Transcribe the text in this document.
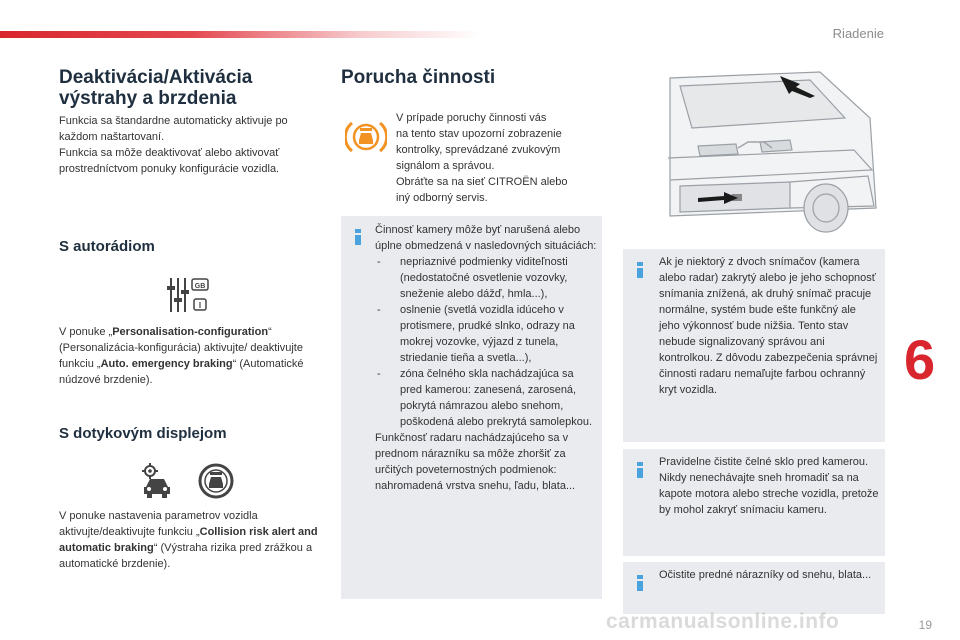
Riadenie
Deaktivácia/Aktivácia
výstrahy a brzdenia

Funkcia sa štandardne automaticky aktivuje po
každom naštartovaní.
Funkcia sa môže deaktivovať alebo aktivovať
prostredníctvom ponuky konfigurácie vozidla.

S autorádiom
GB
I

V ponuke „Personalisation-configuration“ (Personalizácia-konfigurácia) aktivujte/ deaktivujte funkciu „Auto. emergency braking“ (Automatické núdzové brzdenie).

S dotykovým displejom

V ponuke nastavenia parametrov vozidla aktivujte/deaktivujte funkciu „Collision risk alert and automatic braking“ (Výstraha rizika pred zrážkou a automatické brzdenie).

Porucha činnosti

V prípade poruchy činnosti vás
na tento stav upozorní zobrazenie
kontrolky, sprevádzané zvukovým
signálom a správou.
Obráťte sa na sieť CITROËN alebo
iný odborný servis.

Činnosť kamery môže byť narušená alebo úplne obmedzená v nasledovných situáciách:
- nepriaznivé podmienky viditeľnosti (nedostatočné osvetlenie vozovky, sneženie alebo dážď, hmla...),
- oslnenie (svetlá vozidla idúceho v protismere, prudké slnko, odrazy na mokrej vozovke, výjazd z tunela, striedanie tieňa a svetla...),
- zóna čelného skla nachádzajúca sa pred kamerou: zanesená, zarosená, pokrytá námrazou alebo snehom, poškodená alebo prekrytá samolepkou.
Funkčnosť radaru nachádzajúceho sa v prednom nárazníku sa môže zhoršiť za určitých poveternostných podmienok: nahromadená vrstva snehu, ľadu, blata...
Ak je niektorý z dvoch snímačov (kamera alebo radar) zakrytý alebo je jeho schopnosť snímania znížená, ak druhý snímač pracuje normálne, systém bude ešte funkčný ale jeho výkonnosť bude nižšia. Tento stav nebude signalizovaný správou ani kontrolkou. Z dôvodu zabezpečenia správnej činnosti radaru nemaľujte farbou ochranný kryt vozidla.
Pravidelne čistite čelné sklo pred kamerou. Nikdy nenechávajte sneh hromadiť sa na kapote motora alebo streche vozidla, pretože by mohol zakryť snímaciu kameru.
Očistite predné nárazníky od snehu, blata...
6
carmanualsonline.info	19
